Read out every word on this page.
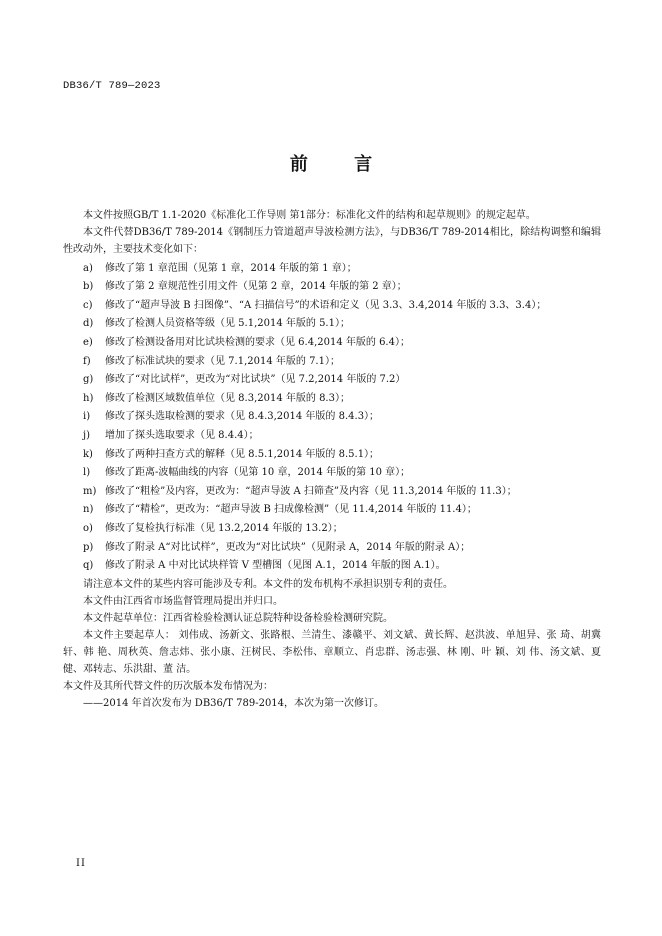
DB36/T 789—2023
前 言

本文件按照GB/T 1.1-2020《标准化工作导则 第1部分：标准化文件的结构和起草规则》的规定起草。

本文件代替DB36/T 789-2014《钢制压力管道超声导波检测方法》，与DB36/T 789-2014相比，除结构调整和编辑性改动外，主要技术变化如下：

a) 修改了第 1 章范围（见第 1 章，2014 年版的第 1 章）；
b) 修改了第 2 章规范性引用文件（见第 2 章，2014 年版的第 2 章）；
c) 修改了“超声导波 B 扫图像”、“A 扫描信号”的术语和定义（见 3.3、3.4,2014 年版的 3.3、3.4）；
d) 修改了检测人员资格等级（见 5.1,2014 年版的 5.1）；
e) 修改了检测设备用对比试块检测的要求（见 6.4,2014 年版的 6.4）；
f) 修改了标准试块的要求（见 7.1,2014 年版的 7.1）；
g) 修改了“对比试样”，更改为“对比试块”（见 7.2,2014 年版的 7.2）
h) 修改了检测区域数值单位（见 8.3,2014 年版的 8.3）；
i) 修改了探头选取检测的要求（见 8.4.3,2014 年版的 8.4.3）；
j) 增加了探头选取要求（见 8.4.4）；
k) 修改了两种扫查方式的解释（见 8.5.1,2014 年版的 8.5.1）；
l) 修改了距离-波幅曲线的内容（见第 10 章，2014 年版的第 10 章）；
m) 修改了“粗检”及内容，更改为：“超声导波 A 扫筛查”及内容（见 11.3,2014 年版的 11.3）；
n) 修改了“精检”，更改为：“超声导波 B 扫成像检测”（见 11.4,2014 年版的 11.4）；
o) 修改了复检执行标准（见 13.2,2014 年版的 13.2）；
p) 修改了附录 A“对比试样”，更改为“对比试块”（见附录 A，2014 年版的附录 A）；
q) 修改了附录 A 中对比试块样管 V 型槽图（见图 A.1，2014 年版的图 A.1）。

请注意本文件的某些内容可能涉及专利。本文件的发布机构不承担识别专利的责任。

本文件由江西省市场监督管理局提出并归口。

本文件起草单位：江西省检验检测认证总院特种设备检验检测研究院。

本文件主要起草人： 刘伟成、汤新文、张路根、兰清生、漆赣平、刘文斌、黄长辉、赵洪波、单旭异、张 琦、胡冀轩、韩 艳、周秋英、詹志炜、张小康、汪树民、李松伟、章顺立、肖忠群、汤志强、林 刚、叶 颖、刘 伟、汤文斌、夏 健、邓转志、乐洪甜、董 洁。

本文件及其所代替文件的历次版本发布情况为：

——2014 年首次发布为 DB36/T 789-2014，本次为第一次修订。

II
